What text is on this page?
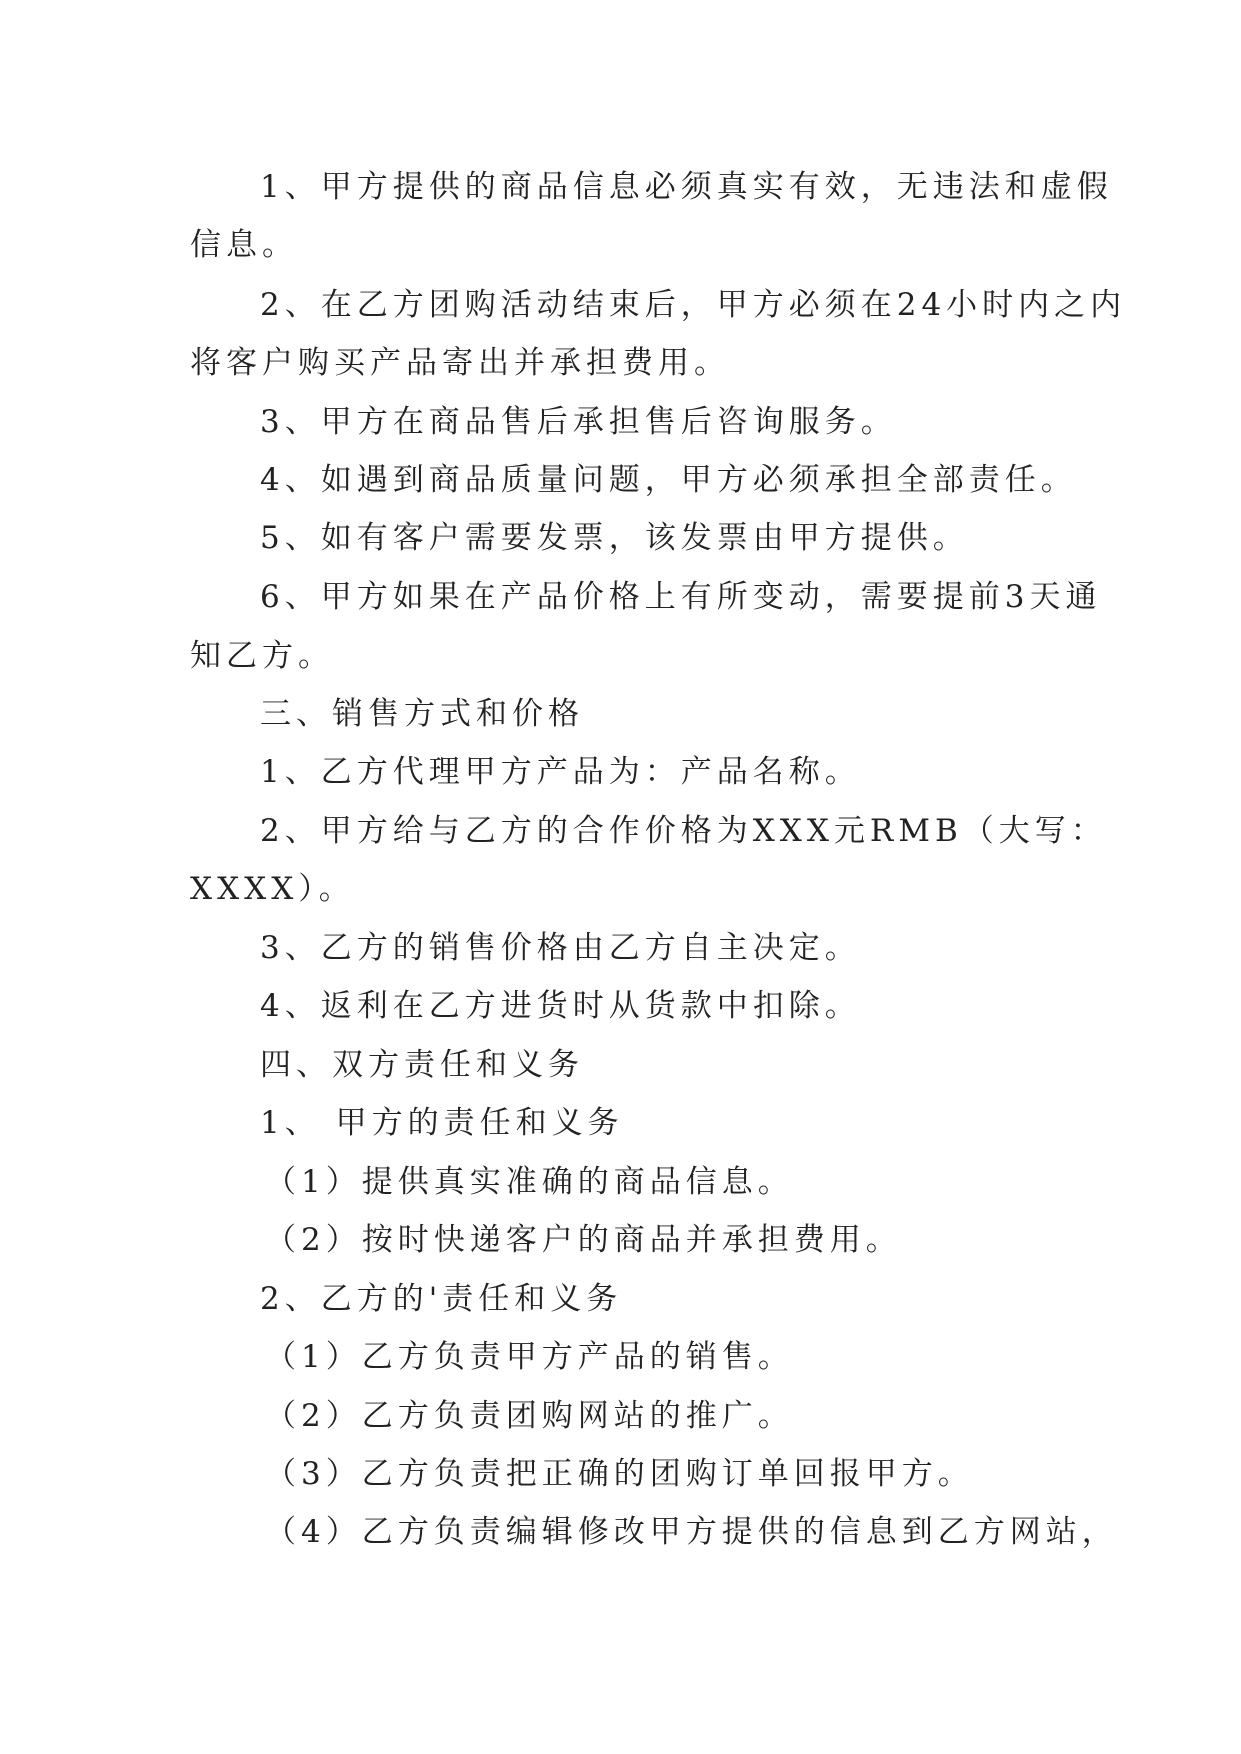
1、甲方提供的商品信息必须真实有效，无违法和虚假
信息。
2、在乙方团购活动结束后，甲方必须在24小时内之内
将客户购买产品寄出并承担费用。
3、甲方在商品售后承担售后咨询服务。
4、如遇到商品质量问题，甲方必须承担全部责任。
5、如有客户需要发票，该发票由甲方提供。
6、甲方如果在产品价格上有所变动，需要提前3天通
知乙方。
三、销售方式和价格
1、乙方代理甲方产品为：产品名称。
2、甲方给与乙方的合作价格为XXX元RMB（大写：
XXXX）。
3、乙方的销售价格由乙方自主决定。
4、返利在乙方进货时从货款中扣除。
四、双方责任和义务
1、 甲方的责任和义务
（1）提供真实准确的商品信息。
（2）按时快递客户的商品并承担费用。
2、乙方的'责任和义务
（1）乙方负责甲方产品的销售。
（2）乙方负责团购网站的推广。
（3）乙方负责把正确的团购订单回报甲方。
（4）乙方负责编辑修改甲方提供的信息到乙方网站，
